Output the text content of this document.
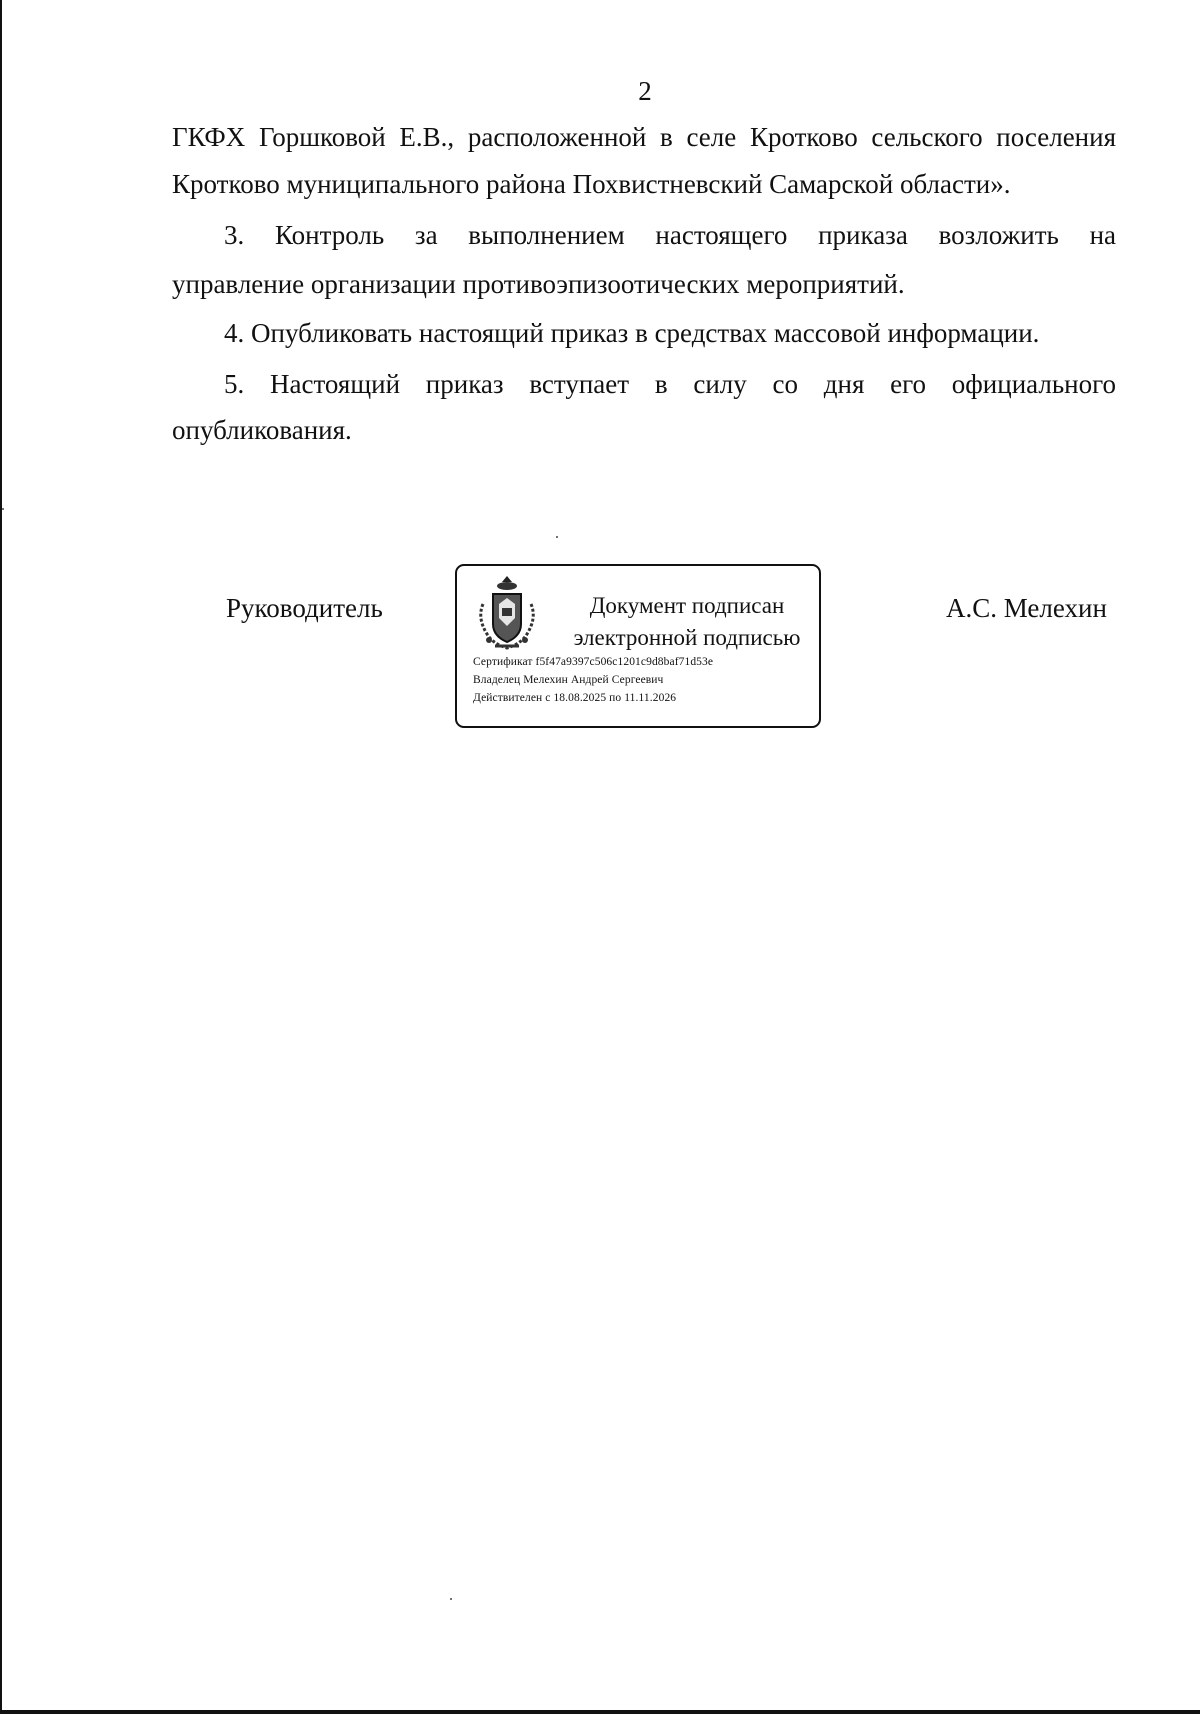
2
ГКФХ Горшковой Е.В., расположенной в селе Кротково сельского поселения
Кротково муниципального района Похвистневский Самарской области».
3. Контроль за выполнением настоящего приказа возложить на
управление организации противоэпизоотических мероприятий.
4. Опубликовать настоящий приказ в средствах массовой информации.
5. Настоящий приказ вступает в силу со дня его официального
опубликования.
Руководитель	Документ подписан
электронной подписью
Сертификат f5f47a9397c506c1201c9d8baf71d53e
Владелец Мелехин Андрей Сергеевич
Действителен с 18.08.2025 по 11.11.2026
А.С. Мелехин
